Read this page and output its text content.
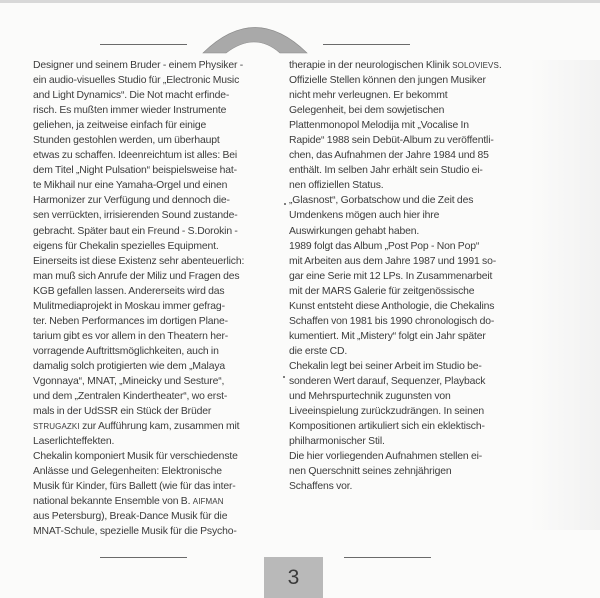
Designer und seinem Bruder - einem Physiker -
ein audio-visuelles Studio für „Electronic Music
and Light Dynamics“. Die Not macht erfinde-
risch. Es mußten immer wieder Instrumente
geliehen, ja zeitweise einfach für einige
Stunden gestohlen werden, um überhaupt
etwas zu schaffen. Ideenreichtum ist alles: Bei
dem Titel „Night Pulsation“ beispielsweise hat-
te Mikhail nur eine Yamaha-Orgel und einen
Harmonizer zur Verfügung und dennoch die-
sen verrückten, irrisierenden Sound zustande-
gebracht. Später baut ein Freund - S.Dorokin -
eigens für Chekalin spezielles Equipment.
Einerseits ist diese Existenz sehr abenteuerlich:
man muß sich Anrufe der Miliz und Fragen des
KGB gefallen lassen. Andererseits wird das
Mulitmediaprojekt in Moskau immer gefrag-
ter. Neben Performances im dortigen Plane-
tarium gibt es vor allem in den Theatern her-
vorragende Auftrittsmöglichkeiten, auch in
damalig solch protigierten wie dem „Malaya
Vgonnaya“, MNAT, „Mineicky und Sesture“,
und dem „Zentralen Kindertheater“, wo erst-
mals in der UdSSR ein Stück der Brüder
STRUGAZKI zur Aufführung kam, zusammen mit
Laserlichteffekten.
Chekalin komponiert Musik für verschiedenste
Anlässe und Gelegenheiten: Elektronische
Musik für Kinder, fürs Ballett (wie für das inter-
national bekannte Ensemble von B. AIFMAN
aus Petersburg), Break-Dance Musik für die
MNAT-Schule, spezielle Musik für die Psycho-
therapie in der neurologischen Klinik SOLOVIEVS.
Offizielle Stellen können den jungen Musiker
nicht mehr verleugnen. Er bekommt
Gelegenheit, bei dem sowjetischen
Plattenmonopol Melodija mit „Vocalise In
Rapide“ 1988 sein Debüt-Album zu veröffentli-
chen, das Aufnahmen der Jahre 1984 und 85
enthält. Im selben Jahr erhält sein Studio ei-
nen offiziellen Status.
„Glasnost“, Gorbatschow und die Zeit des
Umdenkens mögen auch hier ihre
Auswirkungen gehabt haben.
1989 folgt das Album „Post Pop - Non Pop“
mit Arbeiten aus dem Jahre 1987 und 1991 so-
gar eine Serie mit 12 LPs. In Zusammenarbeit
mit der MARS Galerie für zeitgenössische
Kunst entsteht diese Anthologie, die Chekalins
Schaffen von 1981 bis 1990 chronologisch do-
kumentiert. Mit „Mistery“ folgt ein Jahr später
die erste CD.
Chekalin legt bei seiner Arbeit im Studio be-
sonderen Wert darauf, Sequenzer, Playback
und Mehrspurtechnik zugunsten von
Liveeinspielung zurückzudrängen. In seinen
Kompositionen artikuliert sich ein eklektisch-
philharmonischer Stil.
Die hier vorliegenden Aufnahmen stellen ei-
nen Querschnitt seines zehnjährigen
Schaffens vor.
3
